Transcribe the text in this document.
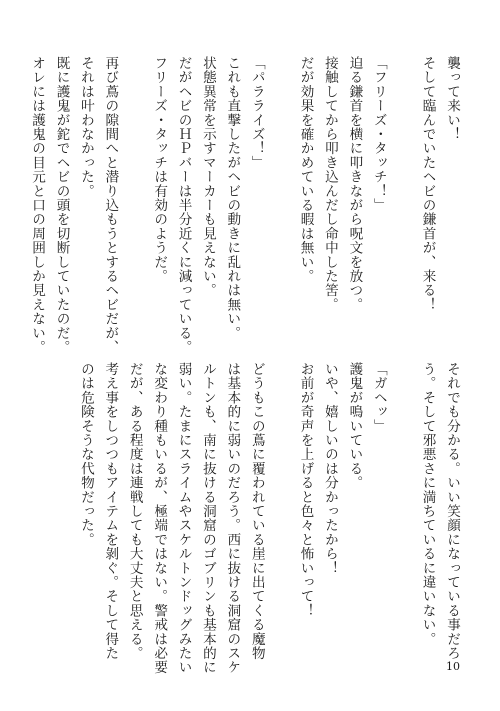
襲って来い！
そして臨んでいたヘビの鎌首が、来る！

「フリーズ・タッチ！」
迫る鎌首を横に叩きながら呪文を放つ。
接触してから叩き込んだし命中した筈。
だが効果を確かめている暇は無い。

「パラライズ！」
これも直撃したがヘビの動きに乱れは無い。
状態異常を示すマーカーも見えない。
だがヘビのＨＰバーは半分近くに減っている。
フリーズ・タッチは有効のようだ。

再び蔦の隙間へと潜り込もうとするヘビだが、
それは叶わなかった。
既に護鬼が鉈でヘビの頭を切断していたのだ。
オレには護鬼の目元と口の周囲しか見えない。
それでも分かる。いい笑顔になっている事だろ
う。そして邪悪さに満ちているに違いない。

「ガヘッ」
護鬼が鳴いている。
いや、嬉しいのは分かったから！
お前が奇声を上げると色々と怖いって！

どうもこの蔦に覆われている崖に出てくる魔物
は基本的に弱いのだろう。西に抜ける洞窟のスケ
ルトンも、南に抜ける洞窟のゴブリンも基本的に
弱い。たまにスライムやスケルトンドッグみたい
な変わり種もいるが、極端ではない。警戒は必要
だが、ある程度は連戦しても大丈夫と思える。
考え事をしつつもアイテムを剝ぐ。そして得た
のは危険そうな代物だった。
10
